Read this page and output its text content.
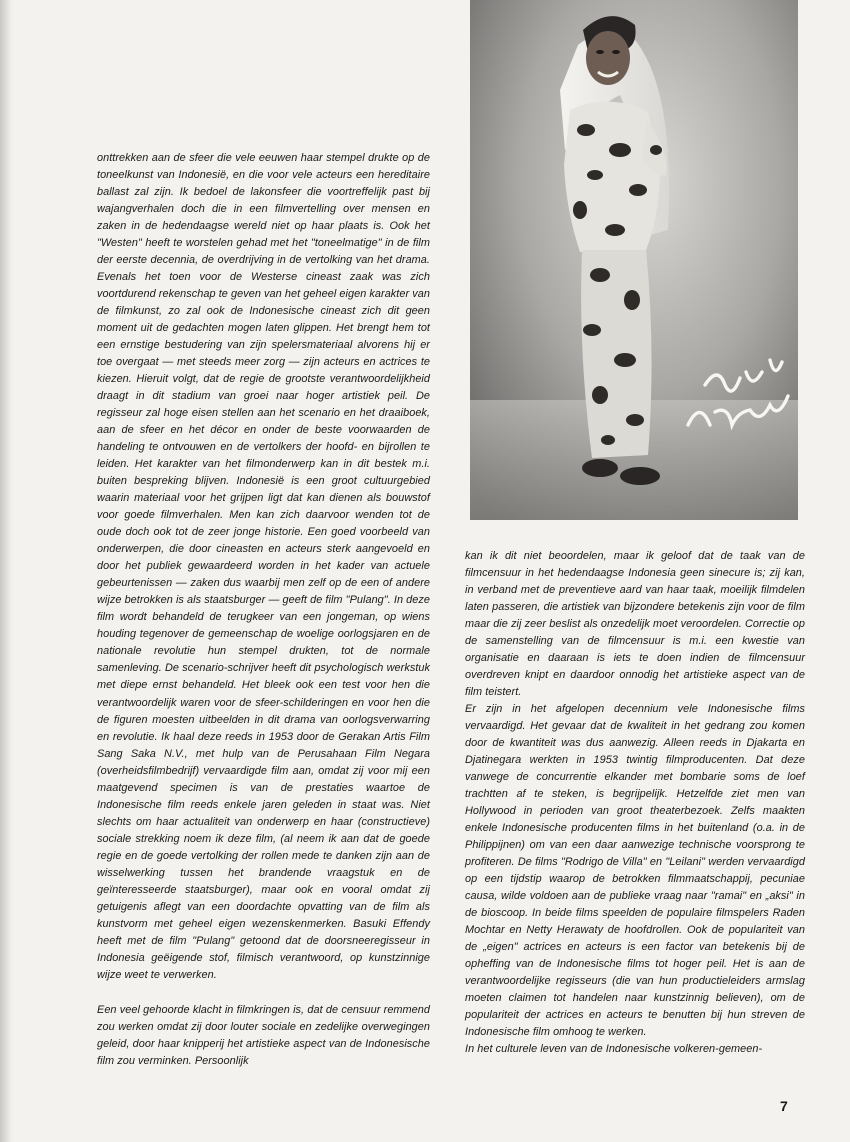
onttrekken aan de sfeer die vele eeuwen haar stempel drukte op de toneelkunst van Indonesië, en die voor vele acteurs een hereditaire ballast zal zijn. Ik bedoel de lakonsfeer die voortreffelijk past bij wajangverhalen doch die in een filmvertelling over mensen en zaken in de hedendaagse wereld niet op haar plaats is. Ook het "Westen" heeft te worstelen gehad met het "toneelmatige" in de film der eerste decennia, de overdrijving in de vertolking van het drama. Evenals het toen voor de Westerse cineast zaak was zich voortdurend rekenschap te geven van het geheel eigen karakter van de filmkunst, zo zal ook de Indonesische cineast zich dit geen moment uit de gedachten mogen laten glippen. Het brengt hem tot een ernstige bestudering van zijn spelersmateriaal alvorens hij er toe overgaat — met steeds meer zorg — zijn acteurs en actrices te kiezen. Hieruit volgt, dat de regie de grootste verantwoordelijkheid draagt in dit stadium van groei naar hoger artistiek peil. De regisseur zal hoge eisen stellen aan het scenario en het draaiboek, aan de sfeer en het décor en onder de beste voorwaarden de handeling te ontvouwen en de vertolkers der hoofd- en bijrollen te leiden. Het karakter van het filmonderwerp kan in dit bestek m.i. buiten bespreking blijven. Indonesië is een groot cultuurgebied waarin materiaal voor het grijpen ligt dat kan dienen als bouwstof voor goede filmverhalen. Men kan zich daarvoor wenden tot de oude doch ook tot de zeer jonge historie. Een goed voorbeeld van onderwerpen, die door cineasten en acteurs sterk aangevoeld en door het publiek gewaardeerd worden in het kader van actuele gebeurtenissen — zaken dus waarbij men zelf op de een of andere wijze betrokken is als staatsburger — geeft de film "Pulang". In deze film wordt behandeld de terugkeer van een jongeman, op wiens houding tegenover de gemeenschap de woelige oorlogsjaren en de nationale revolutie hun stempel drukten, tot de normale samenleving. De scenario-schrijver heeft dit psychologisch werkstuk met diepe ernst behandeld. Het bleek ook een test voor hen die verantwoordelijk waren voor de sfeer-schilderingen en voor hen die de figuren moesten uitbeelden in dit drama van oorlogsverwarring en revolutie. Ik haal deze reeds in 1953 door de Gerakan Artis Film Sang Saka N.V., met hulp van de Perusahaan Film Negara (overheidsfilmbedrijf) vervaardigde film aan, omdat zij voor mij een maatgevend specimen is van de prestaties waartoe de Indonesische film reeds enkele jaren geleden in staat was. Niet slechts om haar actualiteit van onderwerp en haar (constructieve) sociale strekking noem ik deze film, (al neem ik aan dat de goede regie en de goede vertolking der rollen mede te danken zijn aan de wisselwerking tussen het brandende vraagstuk en de geïnteresseerde staatsburger), maar ook en vooral omdat zij getuigenis aflegt van een doordachte opvatting van de film als kunstvorm met geheel eigen wezenskenmerken. Basuki Effendy heeft met de film "Pulang" getoond dat de doorsneeregisseur in Indonesia geëigende stof, filmisch verantwoord, op kunstzinnige wijze weet te verwerken.

Een veel gehoorde klacht in filmkringen is, dat de censuur remmend zou werken omdat zij door louter sociale en zedelijke overwegingen geleid, door haar knipperij het artistieke aspect van de Indonesische film zou verminken. Persoonlijk

kan ik dit niet beoordelen, maar ik geloof dat de taak van de filmcensuur in het hedendaagse Indonesia geen sinecure is; zij kan, in verband met de preventieve aard van haar taak, moeilijk filmdelen laten passeren, die artistiek van bijzondere betekenis zijn voor de film maar die zij zeer beslist als onzedelijk moet veroordelen. Correctie op de samenstelling van de filmcensuur is m.i. een kwestie van organisatie en daaraan is iets te doen indien de filmcensuur overdreven knipt en daardoor onnodig het artistieke aspect van de film teistert.

Er zijn in het afgelopen decennium vele Indonesische films vervaardigd. Het gevaar dat de kwaliteit in het gedrang zou komen door de kwantiteit was dus aanwezig. Alleen reeds in Djakarta en Djatinegara werkten in 1953 twintig filmproducenten. Dat deze vanwege de concurrentie elkander met bombarie soms de loef trachtten af te steken, is begrijpelijk. Hetzelfde ziet men van Hollywood in perioden van groot theaterbezoek. Zelfs maakten enkele Indonesische producenten films in het buitenland (o.a. in de Philippijnen) om van een daar aanwezige technische voorsprong te profiteren. De films "Rodrigo de Villa" en "Leilani" werden vervaardigd op een tijdstip waarop de betrokken filmmaatschappij, pecuniae causa, wilde voldoen aan de publieke vraag naar "ramai" en „aksi" in de bioscoop. In beide films speelden de populaire filmspelers Raden Mochtar en Netty Herawaty de hoofdrollen. Ook de populariteit van de „eigen" actrices en acteurs is een factor van betekenis bij de opheffing van de Indonesische films tot hoger peil. Het is aan de verantwoordelijke regisseurs (die van hun productieleiders armslag moeten claimen tot handelen naar kunstzinnig believen), om de populariteit der actrices en acteurs te benutten bij hun streven de Indonesische film omhoog te werken.

In het culturele leven van de Indonesische volkeren-gemeen-

7
